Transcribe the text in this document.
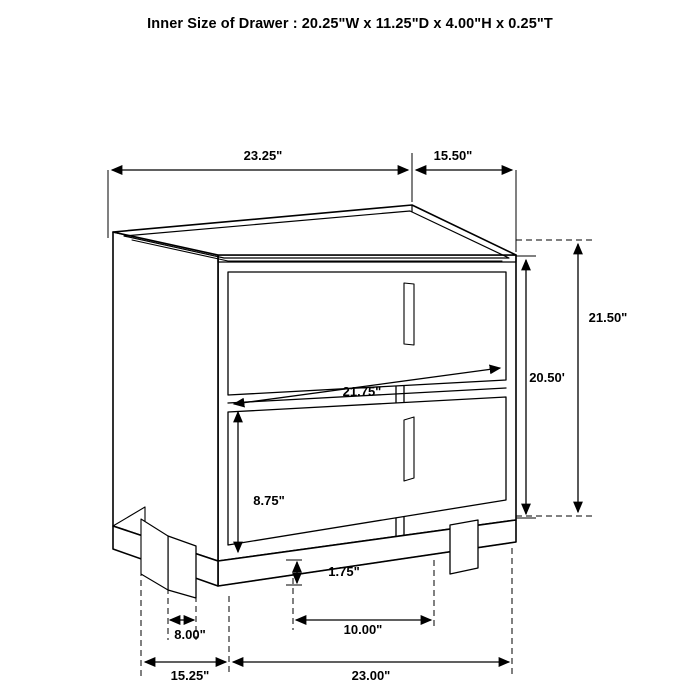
Inner Size of Drawer : 20.25"W x 11.25"D x 4.00"H x 0.25"T
23.25"	15.50"
21.50"
20.50'
21.75"
8.75"
1.75"
8.00"	10.00"
15.25"	23.00"
